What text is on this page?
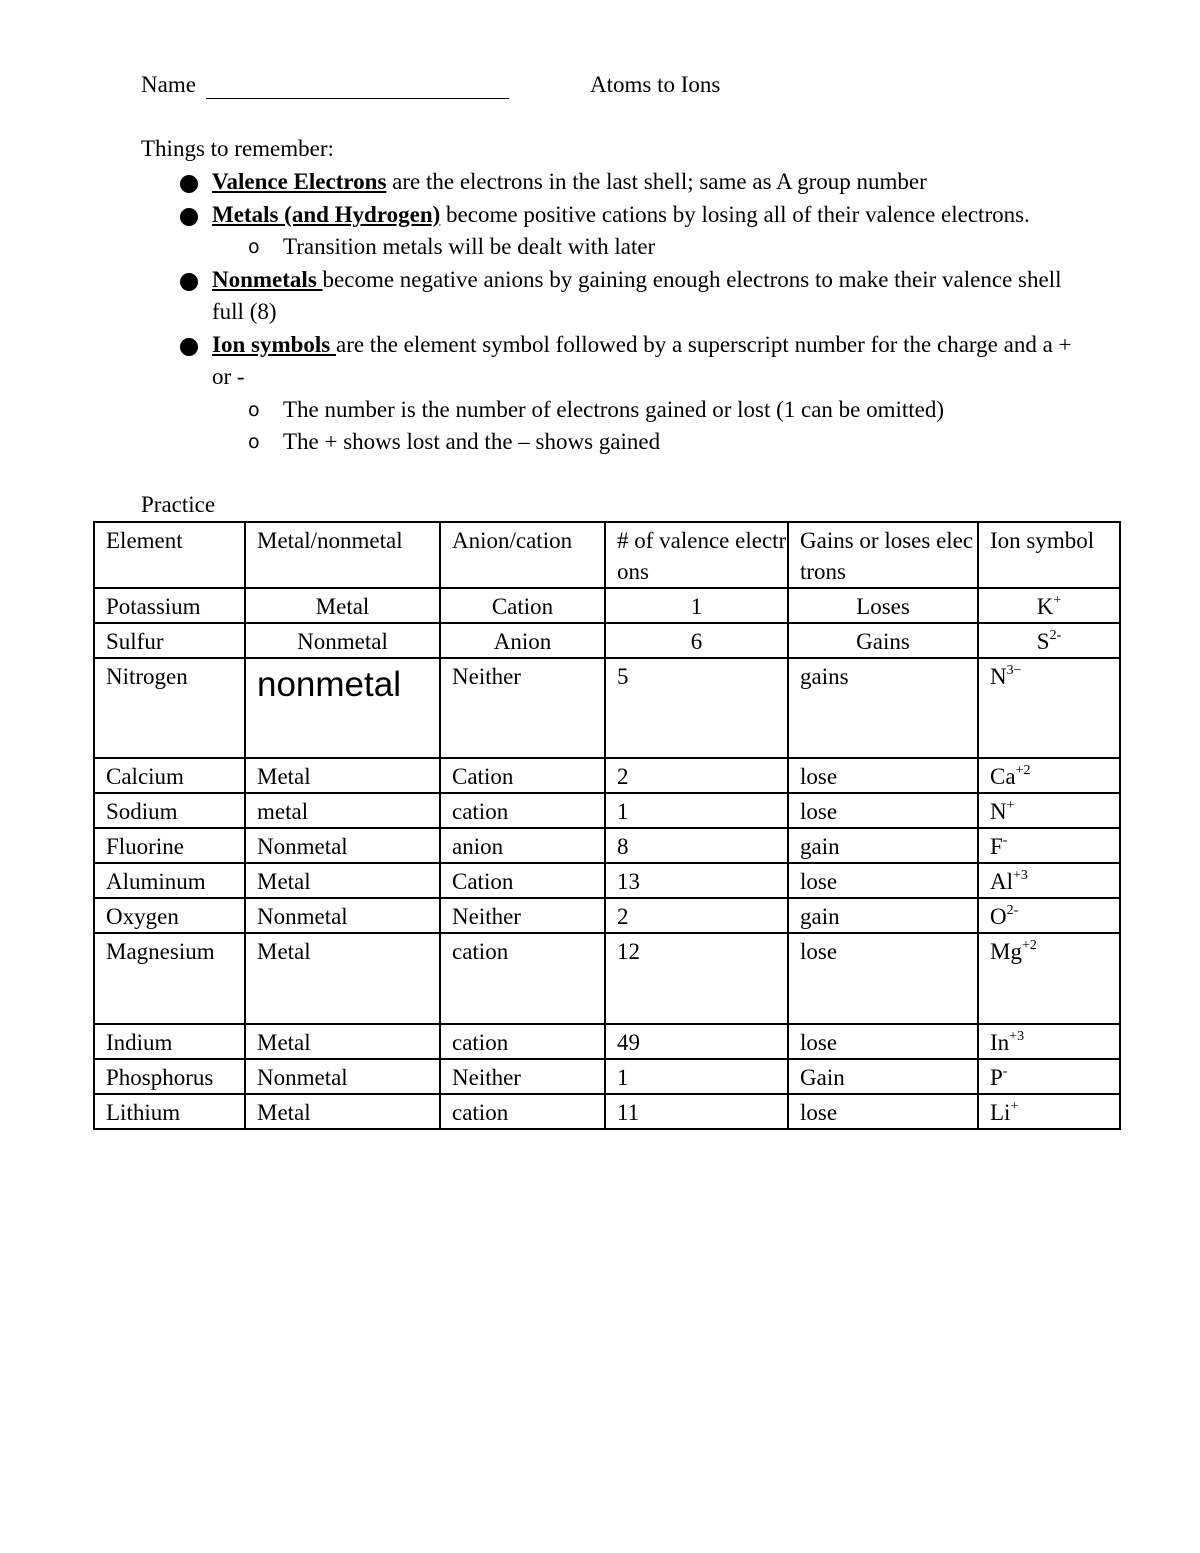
Name	Atoms to Ions
Things to remember:
Valence Electrons are the electrons in the last shell; same as A group number
Metals (and Hydrogen) become positive cations by losing all of their valence electrons.
o Transition metals will be dealt with later
Nonmetals become negative anions by gaining enough electrons to make their valence shell full (8)
Ion symbols are the element symbol followed by a superscript number for the charge and a + or -
o The number is the number of electrons gained or lost (1 can be omitted)
o The + shows lost and the – shows gained
Practice
Element	Metal/nonmetal	Anion/cation	# of valence electrons	Gains or loses electrons	Ion symbol
Potassium	Metal	Cation	1	Loses	K+
Sulfur	Nonmetal	Anion	6	Gains	$S^{2-}$
Nitrogen	nonmetal	Neither	5	gains	$N^{3-}$
Calcium	Metal	Cation	2	lose	$Ca^{+2}$
Sodium	metal	cation	1	lose	N+
Fluorine	Nonmetal	anion	8	gain	F-
Aluminum	Metal	Cation	13	lose	$Al^{+3}$
Oxygen	Nonmetal	Neither	2	gain	$O^{2-}$
Magnesium	Metal	cation	12	lose	$Mg^{+2}$
Indium	Metal	cation	49	lose	$In^{+3}$
Phosphorus	Nonmetal	Neither	1	Gain	P-
Lithium	Metal	cation	11	lose	Li+
